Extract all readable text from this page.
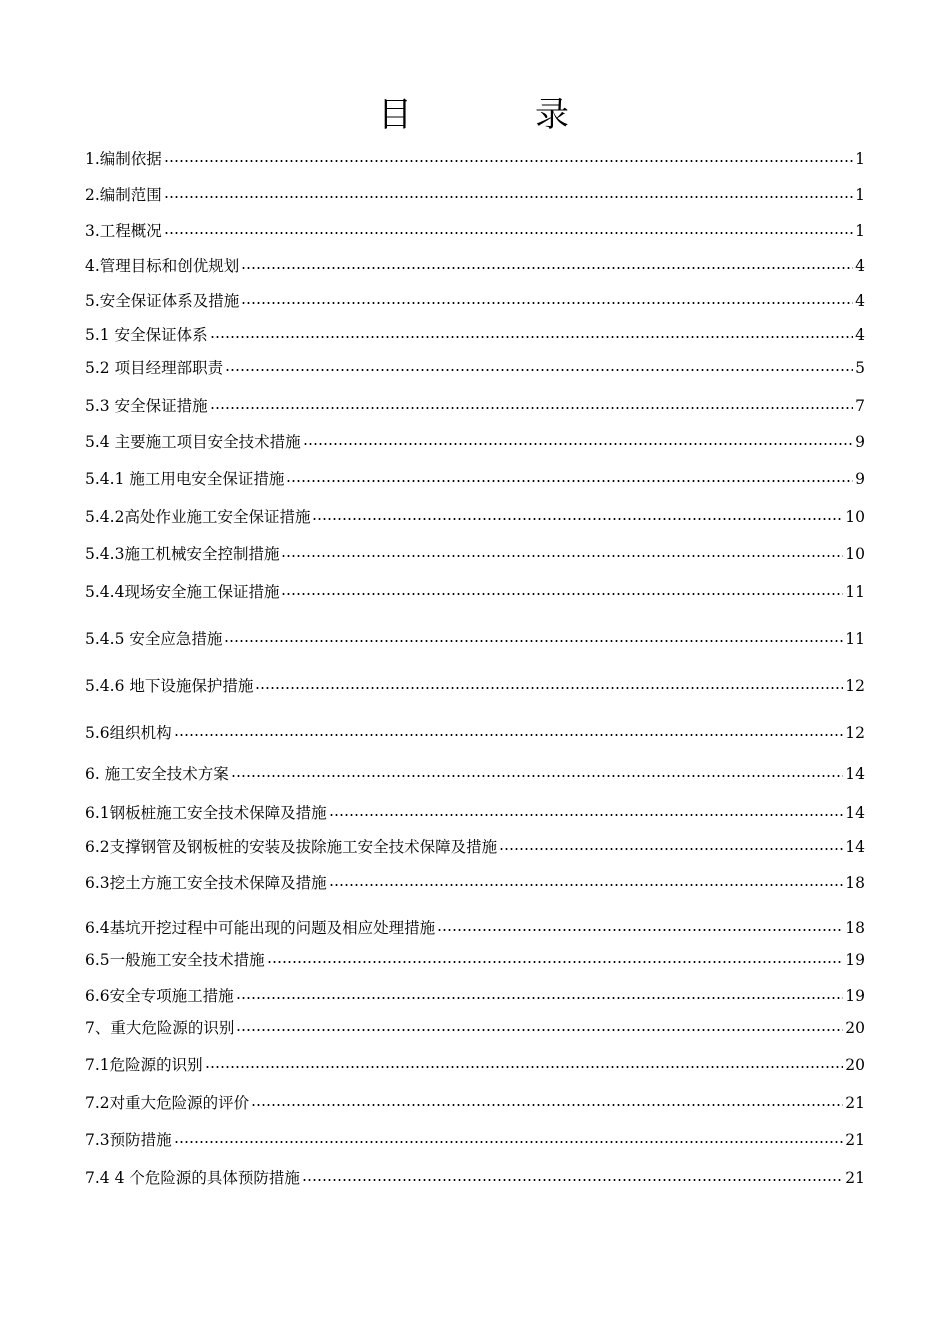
目	录
1.编制依据	1
2.编制范围	1
3.工程概况	1
4.管理目标和创优规划	4
5.安全保证体系及措施	4
5.1 安全保证体系	4
5.2 项目经理部职责	5
5.3 安全保证措施	7
5.4 主要施工项目安全技术措施	9
5.4.1 施工用电安全保证措施	9
5.4.2高处作业施工安全保证措施	10
5.4.3施工机械安全控制措施	10
5.4.4现场安全施工保证措施	11
5.4.5 安全应急措施	11
5.4.6 地下设施保护措施	12
5.6组织机构	12
6. 施工安全技术方案	14
6.1钢板桩施工安全技术保障及措施	14
6.2支撑钢管及钢板桩的安装及拔除施工安全技术保障及措施	14
6.3挖土方施工安全技术保障及措施	18
6.4基坑开挖过程中可能出现的问题及相应处理措施	18
6.5一般施工安全技术措施	19
6.6安全专项施工措施	19
7、重大危险源的识别	20
7.1危险源的识别	20
7.2对重大危险源的评价	21
7.3预防措施	21
7.4 4 个危险源的具体预防措施	21
